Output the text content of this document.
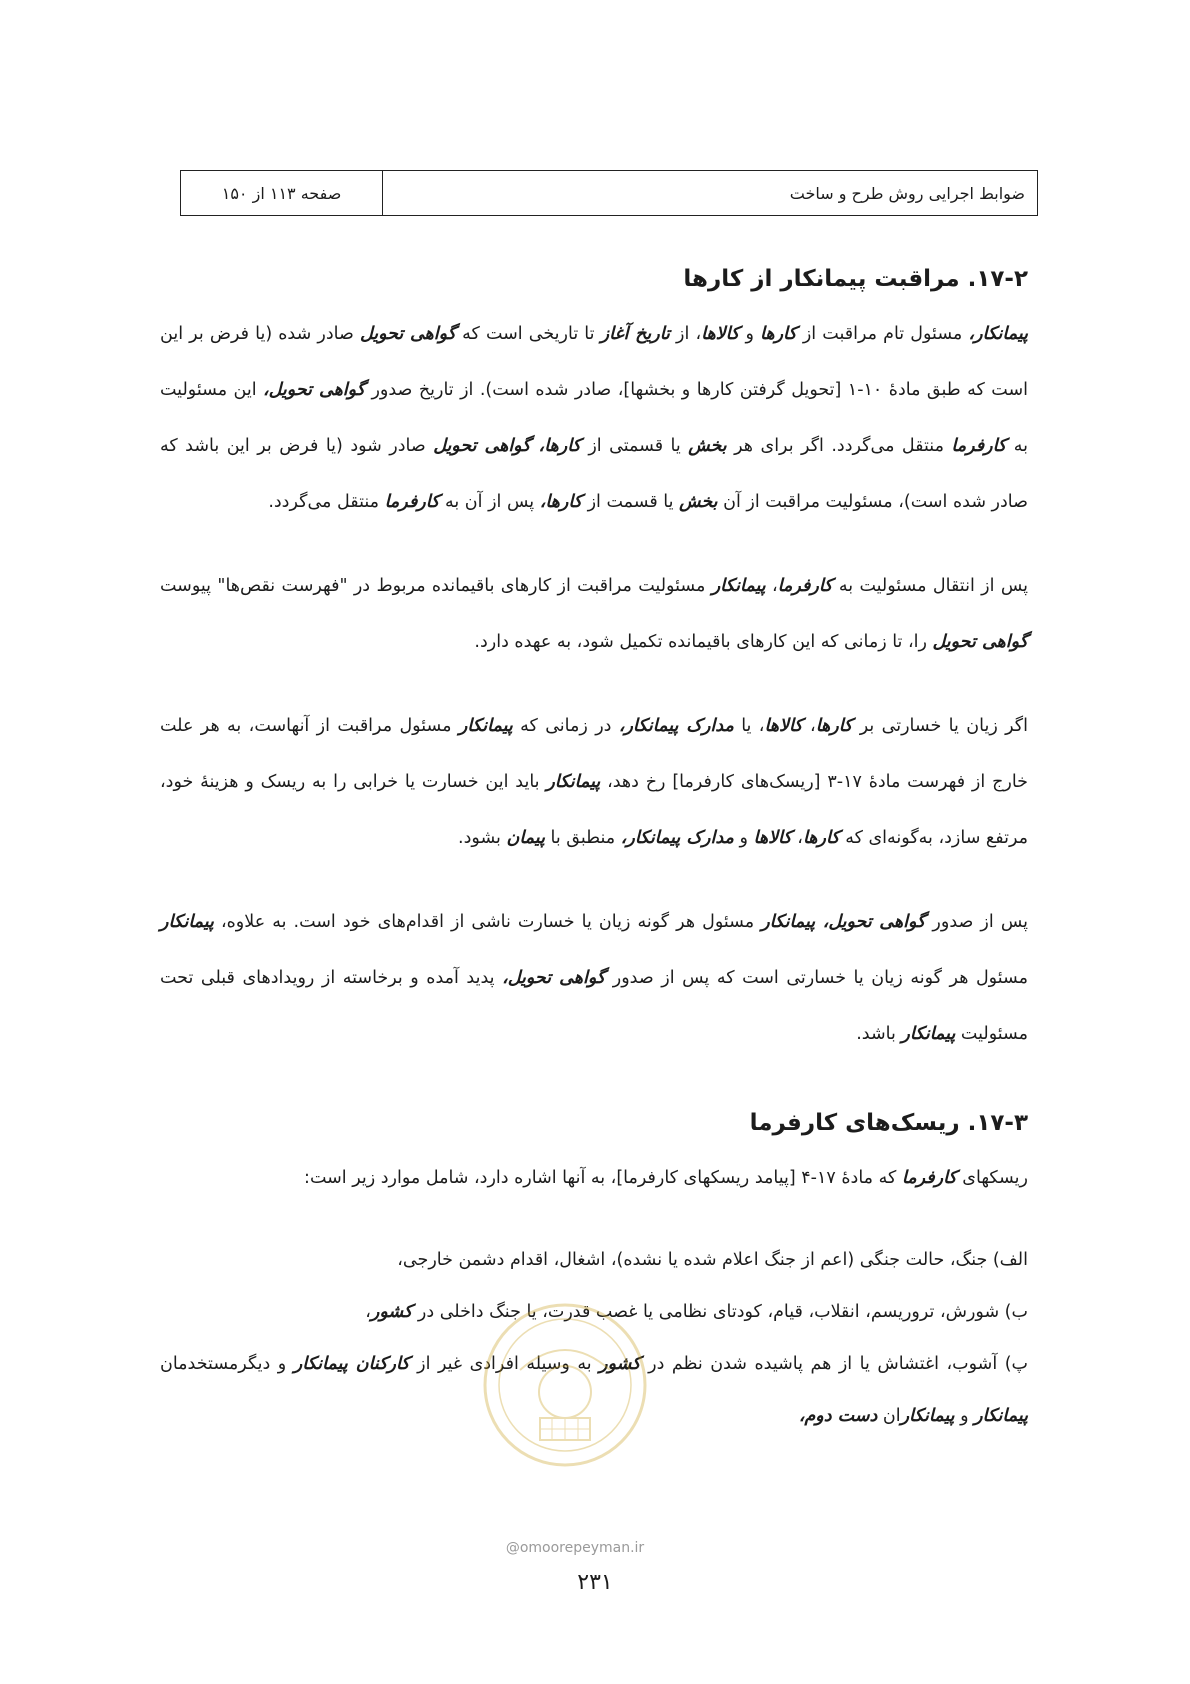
ضوابط اجرایی روش طرح و ساخت
صفحه ۱۱۳ از ۱۵۰
۱۷-۲. مراقبت پیمانکار از کارها

پیمانکار، مسئول تام مراقبت از کارها و کالاها، از تاریخ آغاز تا تاریخی است که گواهی تحویل صادر شده (یا فرض بر این است که طبق مادۀ ۱۰-۱ [تحویل گرفتن کارها و بخشها]، صادر شده است). از تاریخ صدور گواهی تحویل، این مسئولیت به کارفرما منتقل می‌گردد. اگر برای هر بخش یا قسمتی از کارها، گواهی تحویل صادر شود (یا فرض بر این باشد که صادر شده است)، مسئولیت مراقبت از آن بخش یا قسمت از کارها، پس از آن به کارفرما منتقل می‌گردد.

پس از انتقال مسئولیت به کارفرما، پیمانکار مسئولیت مراقبت از کارهای باقیمانده مربوط در "فهرست نقص‌ها" پیوست گواهی تحویل را، تا زمانی که این کارهای باقیمانده تکمیل شود، به عهده دارد.

اگر زیان یا خسارتی بر کارها، کالاها، یا مدارک پیمانکار، در زمانی که پیمانکار مسئول مراقبت از آنهاست، به هر علت خارج از فهرست مادۀ ۱۷-۳ [ریسک‌های کارفرما] رخ دهد، پیمانکار باید این خسارت یا خرابی را به ریسک و هزینۀ خود، مرتفع سازد، به‌گونه‌ای که کارها، کالاها و مدارک پیمانکار، منطبق با پیمان بشود.

پس از صدور گواهی تحویل، پیمانکار مسئول هر گونه زیان یا خسارت ناشی از اقدام‌های خود است. به علاوه، پیمانکار مسئول هر گونه زیان یا خسارتی است که پس از صدور گواهی تحویل، پدید آمده و برخاسته از رویدادهای قبلی تحت مسئولیت پیمانکار باشد.

۱۷-۳. ریسک‌های کارفرما

ریسکهای کارفرما که مادۀ ۱۷-۴ [پیامد ریسکهای کارفرما]، به آنها اشاره دارد، شامل موارد زیر است:

الف) جنگ، حالت جنگی (اعم از جنگ اعلام شده یا نشده)، اشغال، اقدام دشمن خارجی،

ب) شورش، تروریسم، انقلاب، قیام، کودتای نظامی یا غصب قدرت، یا جنگ داخلی در کشور،

پ) آشوب، اغتشاش یا از هم پاشیده شدن نظم در کشور به وسیله افرادی غیر از کارکنان پیمانکار و دیگرمستخدمان پیمانکار و پیمانکاران دست دوم،

@omoorepeyman.ir
۲۳۱
